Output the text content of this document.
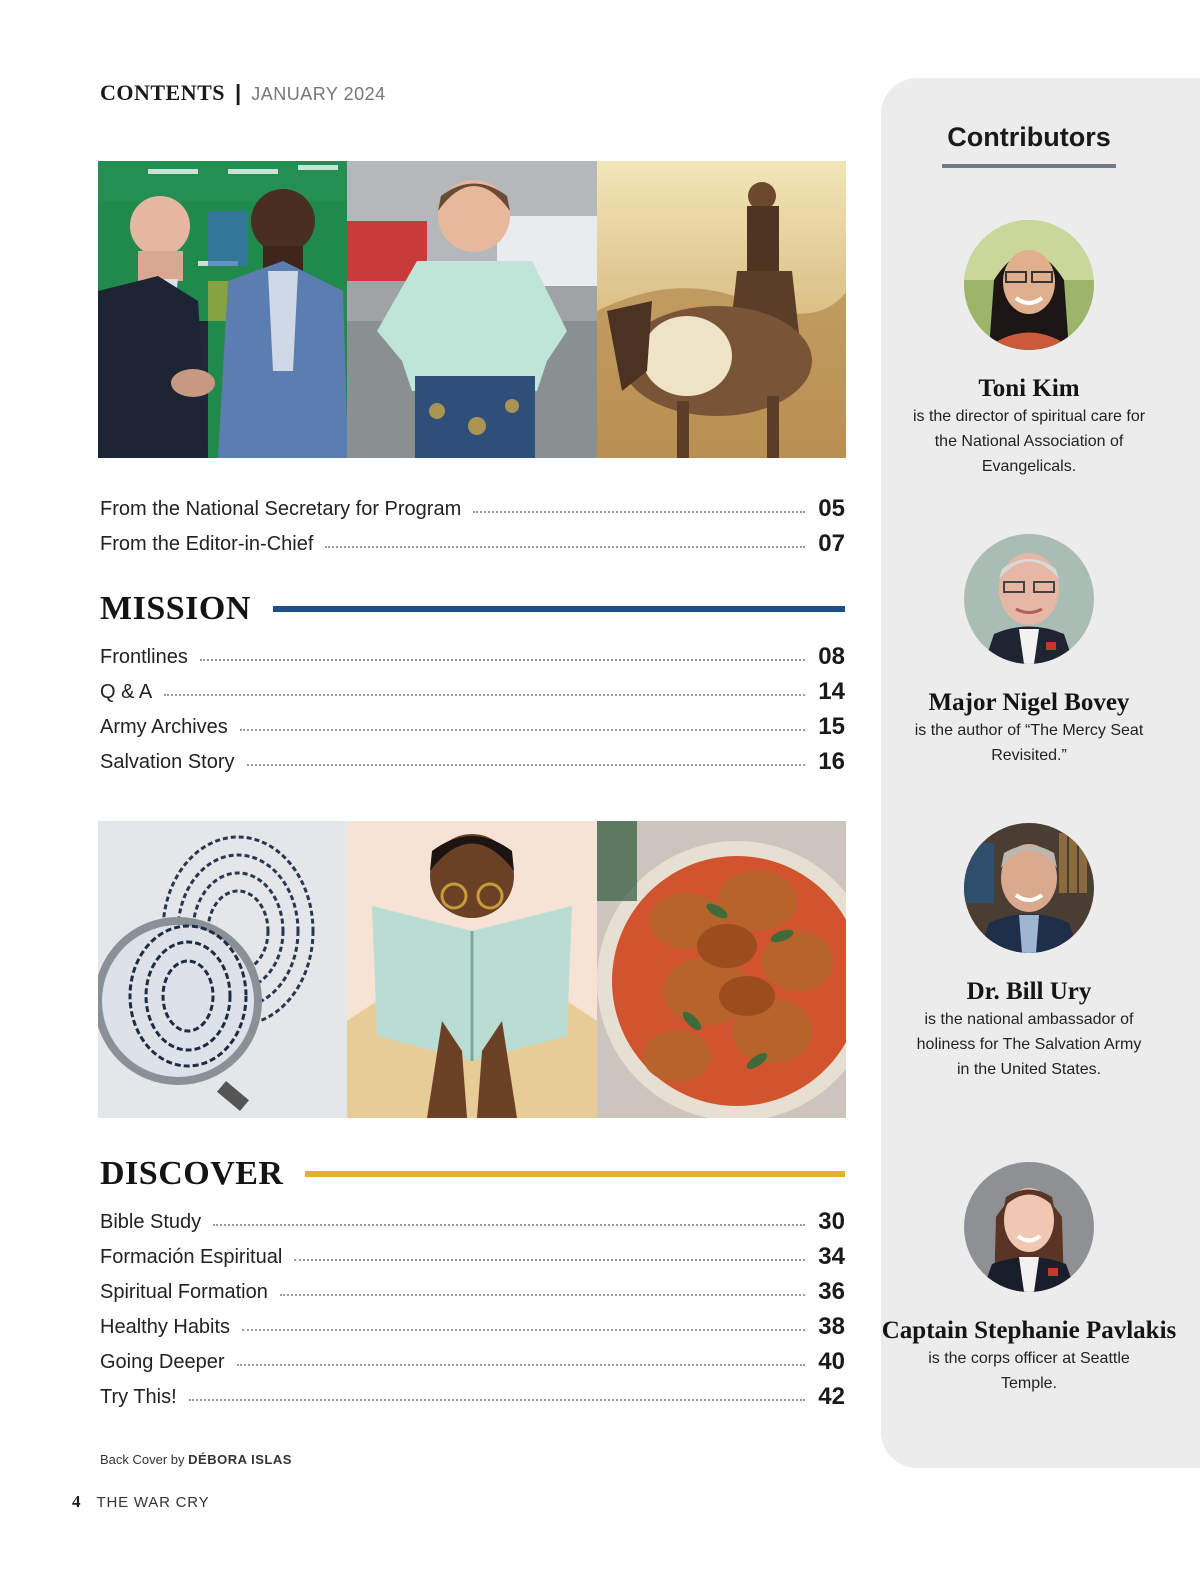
CONTENTS | JANUARY 2024
From the National Secretary for Program	05
From the Editor-in-Chief	07
MISSION
Frontlines	08
Q & A	14
Army Archives	15
Salvation Story	16
DISCOVER
Bible Study	30
Formación Espiritual	34
Spiritual Formation	36
Healthy Habits	38
Going Deeper	40
Try This!	42
Back Cover by DÉBORA ISLAS
4 THE WAR CRY
Contributors
Toni Kim
is the director of spiritual care for the National Association of Evangelicals.
Major Nigel Bovey
is the author of “The Mercy Seat Revisited.”
Dr. Bill Ury
is the national ambassador of holiness for The Salvation Army in the United States.
Captain Stephanie Pavlakis
is the corps officer at Seattle Temple.
